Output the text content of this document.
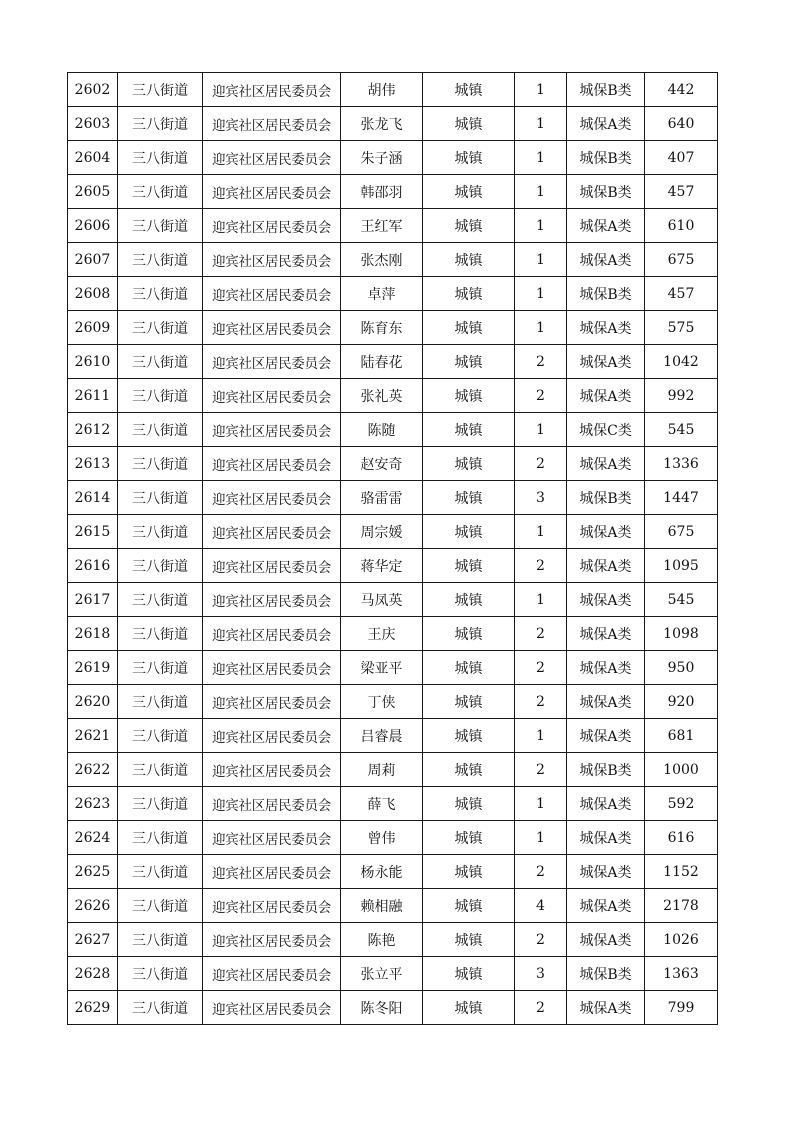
2602	三八街道	迎宾社区居民委员会	胡伟	城镇	1	城保B类	442
2603	三八街道	迎宾社区居民委员会	张龙飞	城镇	1	城保A类	640
2604	三八街道	迎宾社区居民委员会	朱子涵	城镇	1	城保B类	407
2605	三八街道	迎宾社区居民委员会	韩邵羽	城镇	1	城保B类	457
2606	三八街道	迎宾社区居民委员会	王红军	城镇	1	城保A类	610
2607	三八街道	迎宾社区居民委员会	张杰刚	城镇	1	城保A类	675
2608	三八街道	迎宾社区居民委员会	卓萍	城镇	1	城保B类	457
2609	三八街道	迎宾社区居民委员会	陈育东	城镇	1	城保A类	575
2610	三八街道	迎宾社区居民委员会	陆春花	城镇	2	城保A类	1042
2611	三八街道	迎宾社区居民委员会	张礼英	城镇	2	城保A类	992
2612	三八街道	迎宾社区居民委员会	陈随	城镇	1	城保C类	545
2613	三八街道	迎宾社区居民委员会	赵安奇	城镇	2	城保A类	1336
2614	三八街道	迎宾社区居民委员会	骆雷雷	城镇	3	城保B类	1447
2615	三八街道	迎宾社区居民委员会	周宗媛	城镇	1	城保A类	675
2616	三八街道	迎宾社区居民委员会	蒋华定	城镇	2	城保A类	1095
2617	三八街道	迎宾社区居民委员会	马凤英	城镇	1	城保A类	545
2618	三八街道	迎宾社区居民委员会	王庆	城镇	2	城保A类	1098
2619	三八街道	迎宾社区居民委员会	梁亚平	城镇	2	城保A类	950
2620	三八街道	迎宾社区居民委员会	丁侠	城镇	2	城保A类	920
2621	三八街道	迎宾社区居民委员会	吕睿晨	城镇	1	城保A类	681
2622	三八街道	迎宾社区居民委员会	周莉	城镇	2	城保B类	1000
2623	三八街道	迎宾社区居民委员会	薛飞	城镇	1	城保A类	592
2624	三八街道	迎宾社区居民委员会	曾伟	城镇	1	城保A类	616
2625	三八街道	迎宾社区居民委员会	杨永能	城镇	2	城保A类	1152
2626	三八街道	迎宾社区居民委员会	赖相融	城镇	4	城保A类	2178
2627	三八街道	迎宾社区居民委员会	陈艳	城镇	2	城保A类	1026
2628	三八街道	迎宾社区居民委员会	张立平	城镇	3	城保B类	1363
2629	三八街道	迎宾社区居民委员会	陈冬阳	城镇	2	城保A类	799
